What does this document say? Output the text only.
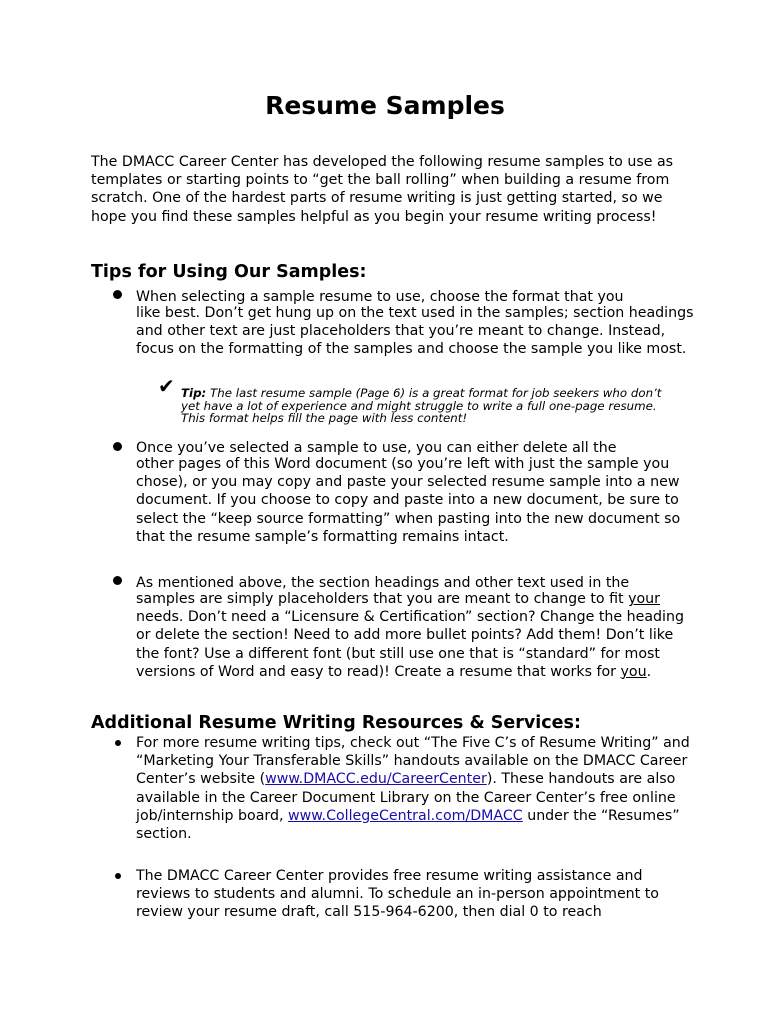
Resume Samples

The DMACC Career Center has developed the following resume samples to use as templates or starting points to “get the ball rolling” when building a resume from scratch. One of the hardest parts of resume writing is just getting started, so we hope you find these samples helpful as you begin your resume writing process!

Tips for Using Our Samples:

When selecting a sample resume to use, choose the format that you
like best. Don’t get hung up on the text used in the samples; section headings and other text are just placeholders that you’re meant to change. Instead, focus on the formatting of the samples and choose the sample you like most.

✔ Tip: The last resume sample (Page 6) is a great format for job seekers who don’t yet have a lot of experience and might struggle to write a full one-page resume. This format helps fill the page with less content!

Once you’ve selected a sample to use, you can either delete all the
other pages of this Word document (so you’re left with just the sample you chose), or you may copy and paste your selected resume sample into a new document. If you choose to copy and paste into a new document, be sure to select the “keep source formatting” when pasting into the new document so that the resume sample’s formatting remains intact.

As mentioned above, the section headings and other text used in the
samples are simply placeholders that you are meant to change to fit your needs. Don’t need a “Licensure & Certification” section? Change the heading or delete the section! Need to add more bullet points? Add them! Don’t like the font? Use a different font (but still use one that is “standard” for most versions of Word and easy to read)! Create a resume that works for you.

Additional Resume Writing Resources & Services:

For more resume writing tips, check out “The Five C’s of Resume Writing” and “Marketing Your Transferable Skills” handouts available on the DMACC Career Center’s website (www.DMACC.edu/CareerCenter). These handouts are also available in the Career Document Library on the Career Center’s free online job/internship board, www.CollegeCentral.com/DMACC under the “Resumes” section.

The DMACC Career Center provides free resume writing assistance and reviews to students and alumni. To schedule an in-person appointment to review your resume draft, call 515-964-6200, then dial 0 to reach
